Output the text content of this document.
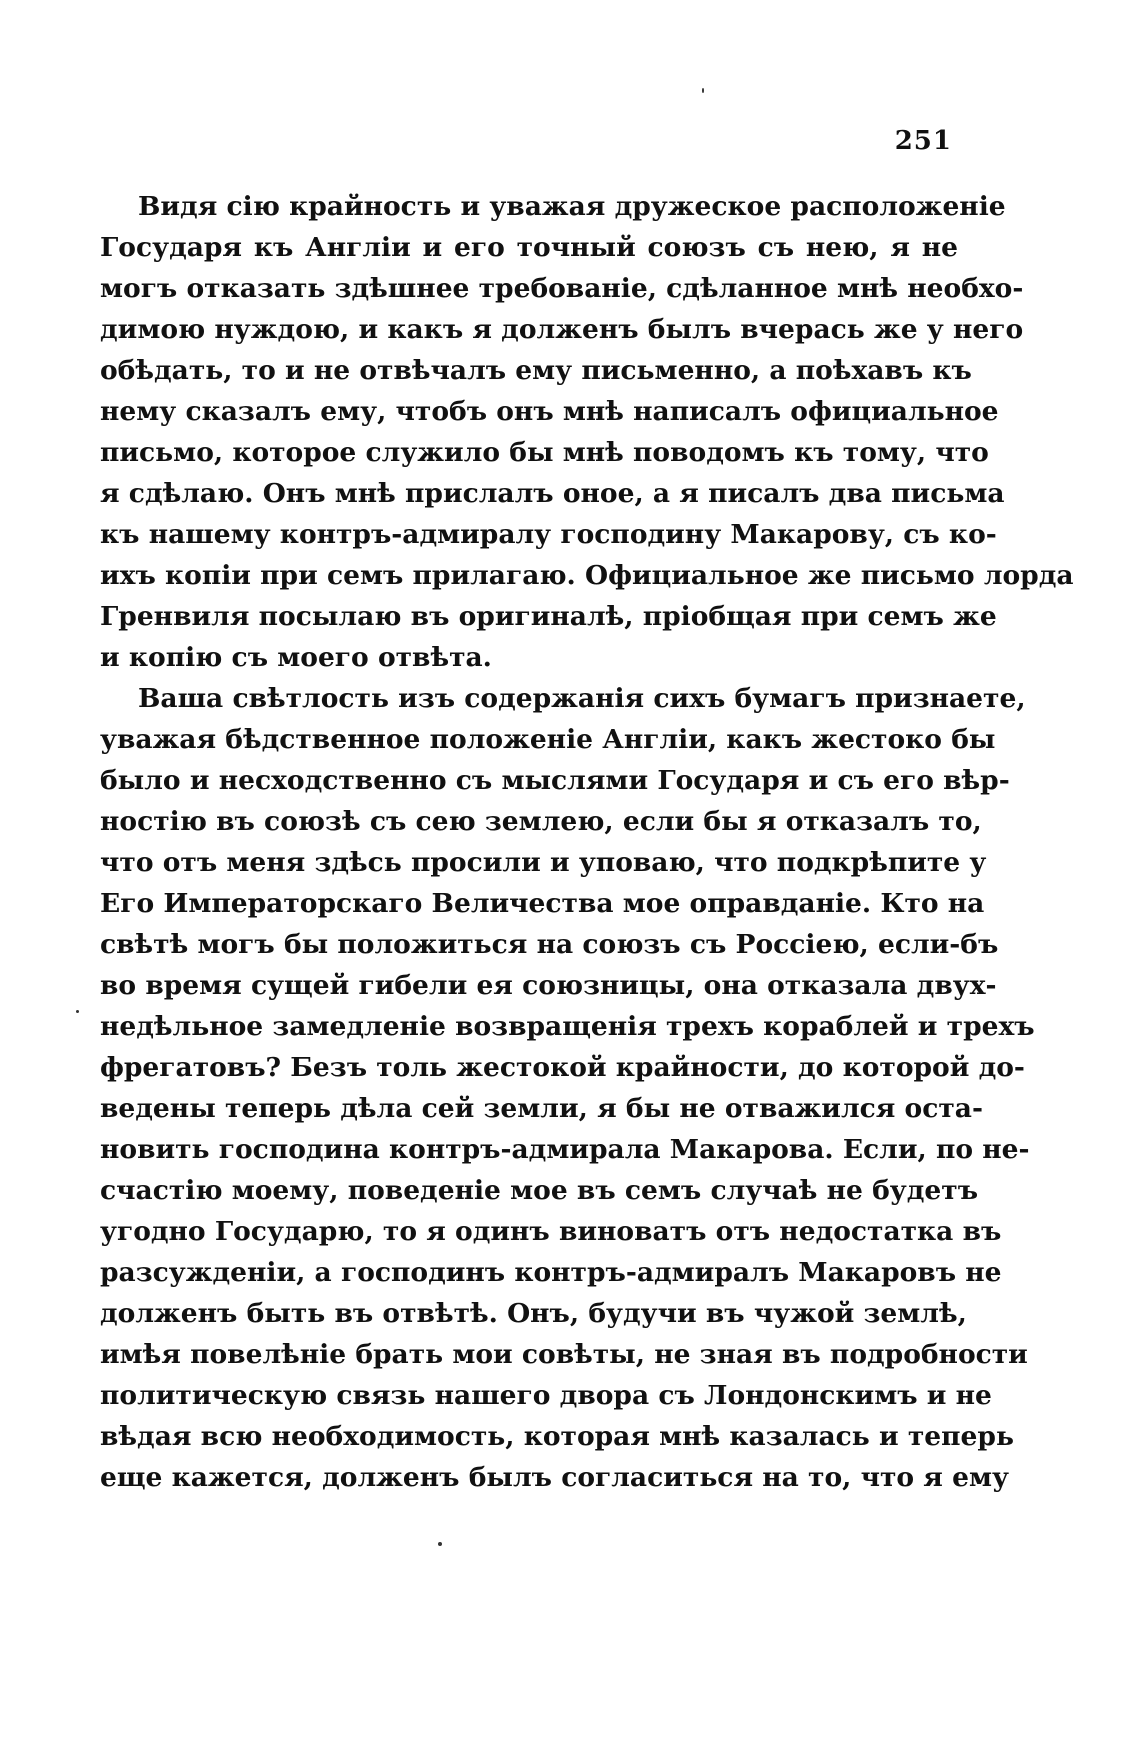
251
Видя сію крайность и уважая дружеское расположеніе
Государя къ Англіи и его точный союзъ съ нею, я не
могъ отказать здѣшнее требованіе, сдѣланное мнѣ необхо-
димою нуждою, и какъ я долженъ былъ вчерась же у него
обѣдать, то и не отвѣчалъ ему письменно, а поѣхавъ къ
нему сказалъ ему, чтобъ онъ мнѣ написалъ официальное
письмо, которое служило бы мнѣ поводомъ къ тому, что
я сдѣлаю. Онъ мнѣ прислалъ оное, а я писалъ два письма
къ нашему контръ-адмиралу господину Макарову, съ ко-
ихъ копіи при семъ прилагаю. Официальное же письмо лорда
Гренвиля посылаю въ оригиналѣ, пріобщая при семъ же
и копію съ моего отвѣта.
Ваша свѣтлость изъ содержанія сихъ бумагъ признаете,
уважая бѣдственное положеніе Англіи, какъ жестоко бы
было и несходственно съ мыслями Государя и съ его вѣр-
ностію въ союзѣ съ сею землею, если бы я отказалъ то,
что отъ меня здѣсь просили и уповаю, что подкрѣпите у
Его Императорскаго Величества мое оправданіе. Кто на
свѣтѣ могъ бы положиться на союзъ съ Россіею, если-бъ
во время сущей гибели ея союзницы, она отказала двух-
недѣльное замедленіе возвращенія трехъ кораблей и трехъ
фрегатовъ? Безъ толь жестокой крайности, до которой до-
ведены теперь дѣла сей земли, я бы не отважился оста-
новить господина контръ-адмирала Макарова. Если, по не-
счастію моему, поведеніе мое въ семъ случаѣ не будетъ
угодно Государю, то я одинъ виноватъ отъ недостатка въ
разсужденіи, а господинъ контръ-адмиралъ Макаровъ не
долженъ быть въ отвѣтѣ. Онъ, будучи въ чужой землѣ,
имѣя повелѣніе брать мои совѣты, не зная въ подробности
политическую связь нашего двора съ Лондонскимъ и не
вѣдая всю необходимость, которая мнѣ казалась и теперь
еще кажется, долженъ былъ согласиться на то, что я ему
